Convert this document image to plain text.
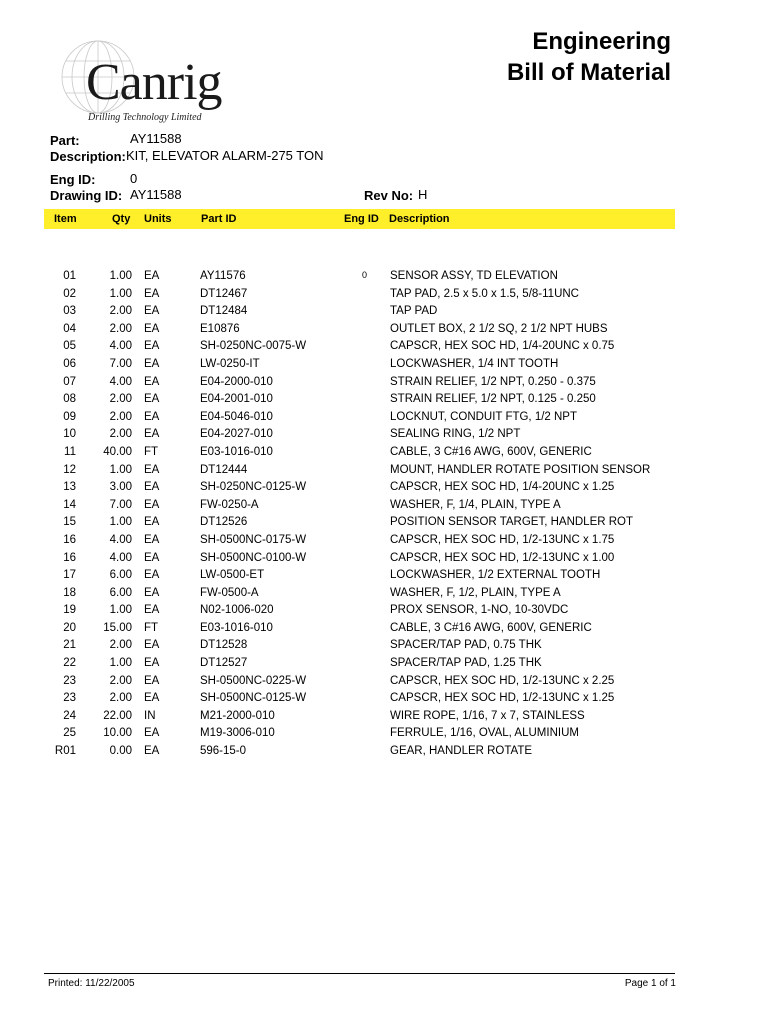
Canrig
Drilling Technology Limited
Engineering
Bill of Material
Part:	AY11588
Description: KIT, ELEVATOR ALARM-275 TON
Eng ID:	0
Drawing ID: AY11588	Rev No: H
Item	Qty Units	Part ID	Eng ID Description
01	1.00 EA	AY11576	0 SENSOR ASSY, TD ELEVATION
02	1.00 EA	DT12467	TAP PAD, 2.5 x 5.0 x 1.5, 5/8-11UNC
03	2.00 EA	DT12484	TAP PAD
04	2.00 EA	E10876	OUTLET BOX, 2 1/2 SQ, 2 1/2 NPT HUBS
05	4.00 EA	SH-0250NC-0075-W	CAPSCR, HEX SOC HD, 1/4-20UNC x 0.75
06	7.00 EA	LW-0250-IT	LOCKWASHER, 1/4 INT TOOTH
07	4.00 EA	E04-2000-010	STRAIN RELIEF, 1/2 NPT, 0.250 - 0.375
08	2.00 EA	E04-2001-010	STRAIN RELIEF, 1/2 NPT, 0.125 - 0.250
09	2.00 EA	E04-5046-010	LOCKNUT, CONDUIT FTG, 1/2 NPT
10	2.00 EA	E04-2027-010	SEALING RING, 1/2 NPT
11	40.00 FT	E03-1016-010	CABLE, 3 C#16 AWG, 600V, GENERIC
12	1.00 EA	DT12444	MOUNT, HANDLER ROTATE POSITION SENSOR
13	3.00 EA	SH-0250NC-0125-W	CAPSCR, HEX SOC HD, 1/4-20UNC x 1.25
14	7.00 EA	FW-0250-A	WASHER, F, 1/4, PLAIN, TYPE A
15	1.00 EA	DT12526	POSITION SENSOR TARGET, HANDLER ROT
16	4.00 EA	SH-0500NC-0175-W	CAPSCR, HEX SOC HD, 1/2-13UNC x 1.75
16	4.00 EA	SH-0500NC-0100-W	CAPSCR, HEX SOC HD, 1/2-13UNC x 1.00
17	6.00 EA	LW-0500-ET	LOCKWASHER, 1/2 EXTERNAL TOOTH
18	6.00 EA	FW-0500-A	WASHER, F, 1/2, PLAIN, TYPE A
19	1.00 EA	N02-1006-020	PROX SENSOR, 1-NO, 10-30VDC
20	15.00 FT	E03-1016-010	CABLE, 3 C#16 AWG, 600V, GENERIC
21	2.00 EA	DT12528	SPACER/TAP PAD, 0.75 THK
22	1.00 EA	DT12527	SPACER/TAP PAD, 1.25 THK
23	2.00 EA	SH-0500NC-0225-W	CAPSCR, HEX SOC HD, 1/2-13UNC x 2.25
23	2.00 EA	SH-0500NC-0125-W	CAPSCR, HEX SOC HD, 1/2-13UNC x 1.25
24	22.00 IN	M21-2000-010	WIRE ROPE, 1/16, 7 x 7, STAINLESS
25	10.00 EA	M19-3006-010	FERRULE, 1/16, OVAL, ALUMINIUM
R01	0.00 EA	596-15-0	GEAR, HANDLER ROTATE
Printed: 11/22/2005	Page 1 of 1
